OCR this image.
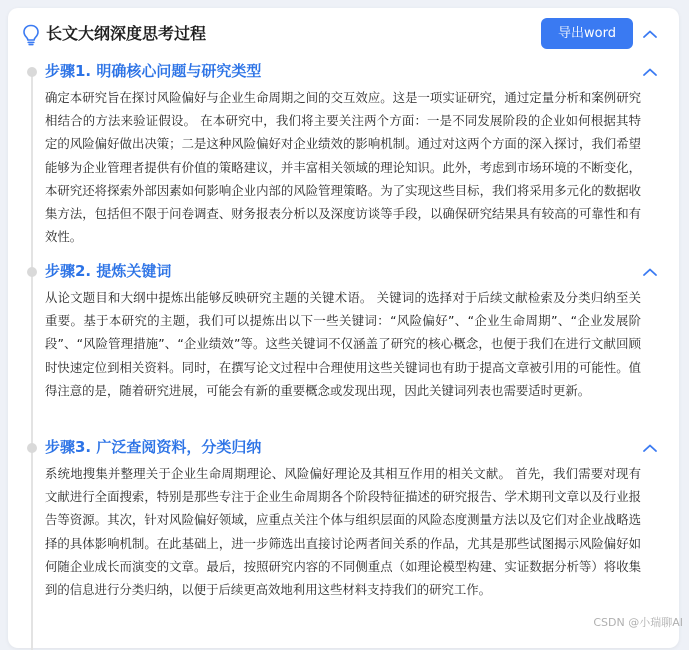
长文大纲深度思考过程	导出word
步骤1. 明确核心问题与研究类型

确定本研究旨在探讨风险偏好与企业生命周期之间的交互效应。这是一项实证研究，通过定量分析和案例研究相结合的方法来验证假设。 在本研究中，我们将主要关注两个方面：一是不同发展阶段的企业如何根据其特定的风险偏好做出决策；二是这种风险偏好对企业绩效的影响机制。通过对这两个方面的深入探讨，我们希望能够为企业管理者提供有价值的策略建议，并丰富相关领域的理论知识。此外，考虑到市场环境的不断变化，本研究还将探索外部因素如何影响企业内部的风险管理策略。为了实现这些目标，我们将采用多元化的数据收集方法，包括但不限于问卷调查、财务报表分析以及深度访谈等手段，以确保研究结果具有较高的可靠性和有效性。

步骤2. 提炼关键词

从论文题目和大纲中提炼出能够反映研究主题的关键术语。 关键词的选择对于后续文献检索及分类归纳至关重要。基于本研究的主题，我们可以提炼出以下一些关键词：“风险偏好”、“企业生命周期”、“企业发展阶段”、“风险管理措施”、“企业绩效”等。这些关键词不仅涵盖了研究的核心概念，也便于我们在进行文献回顾时快速定位到相关资料。同时，在撰写论文过程中合理使用这些关键词也有助于提高文章被引用的可能性。值得注意的是，随着研究进展，可能会有新的重要概念或发现出现，因此关键词列表也需要适时更新。

步骤3. 广泛查阅资料，分类归纳

系统地搜集并整理关于企业生命周期理论、风险偏好理论及其相互作用的相关文献。 首先，我们需要对现有文献进行全面搜索，特别是那些专注于企业生命周期各个阶段特征描述的研究报告、学术期刊文章以及行业报告等资源。其次，针对风险偏好领域，应重点关注个体与组织层面的风险态度测量方法以及它们对企业战略选择的具体影响机制。在此基础上，进一步筛选出直接讨论两者间关系的作品，尤其是那些试图揭示风险偏好如何随企业成长而演变的文章。最后，按照研究内容的不同侧重点（如理论模型构建、实证数据分析等）将收集到的信息进行分类归纳，以便于后续更高效地利用这些材料支持我们的研究工作。

CSDN @小瑞聊AI
